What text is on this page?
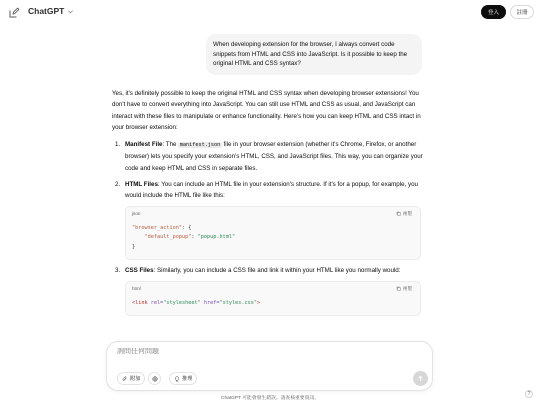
ChatGPT	登入	註冊
When developing extension for the browser, I always convert code snippets from HTML and CSS into JavaScript. Is it possible to keep the original HTML and CSS syntax?

Yes, it's definitely possible to keep the original HTML and CSS syntax when developing browser extensions! You don't have to convert everything into JavaScript. You can still use HTML and CSS as usual, and JavaScript can interact with these files to manipulate or enhance functionality. Here's how you can keep HTML and CSS intact in your browser extension:

1. Manifest File: The manifest.json file in your browser extension (whether it's Chrome, Firefox, or another browser) lets you specify your extension's HTML, CSS, and JavaScript files. This way, you can organize your code and keep HTML and CSS in separate files.
2. HTML Files: You can include an HTML file in your extension's structure. If it's for a popup, for example, you would include the HTML file like this:
json	複製
"browser_action": {
"default_popup": "popup.html"
}
3. CSS Files: Similarly, you can include a CSS file and link it within your HTML like you normally would:
html	複製
<link rel="stylesheet" href="styles.css">
詢問任何問題
附加	推理
ChatGPT 可能會發生錯誤。請查核重要資訊。
?
